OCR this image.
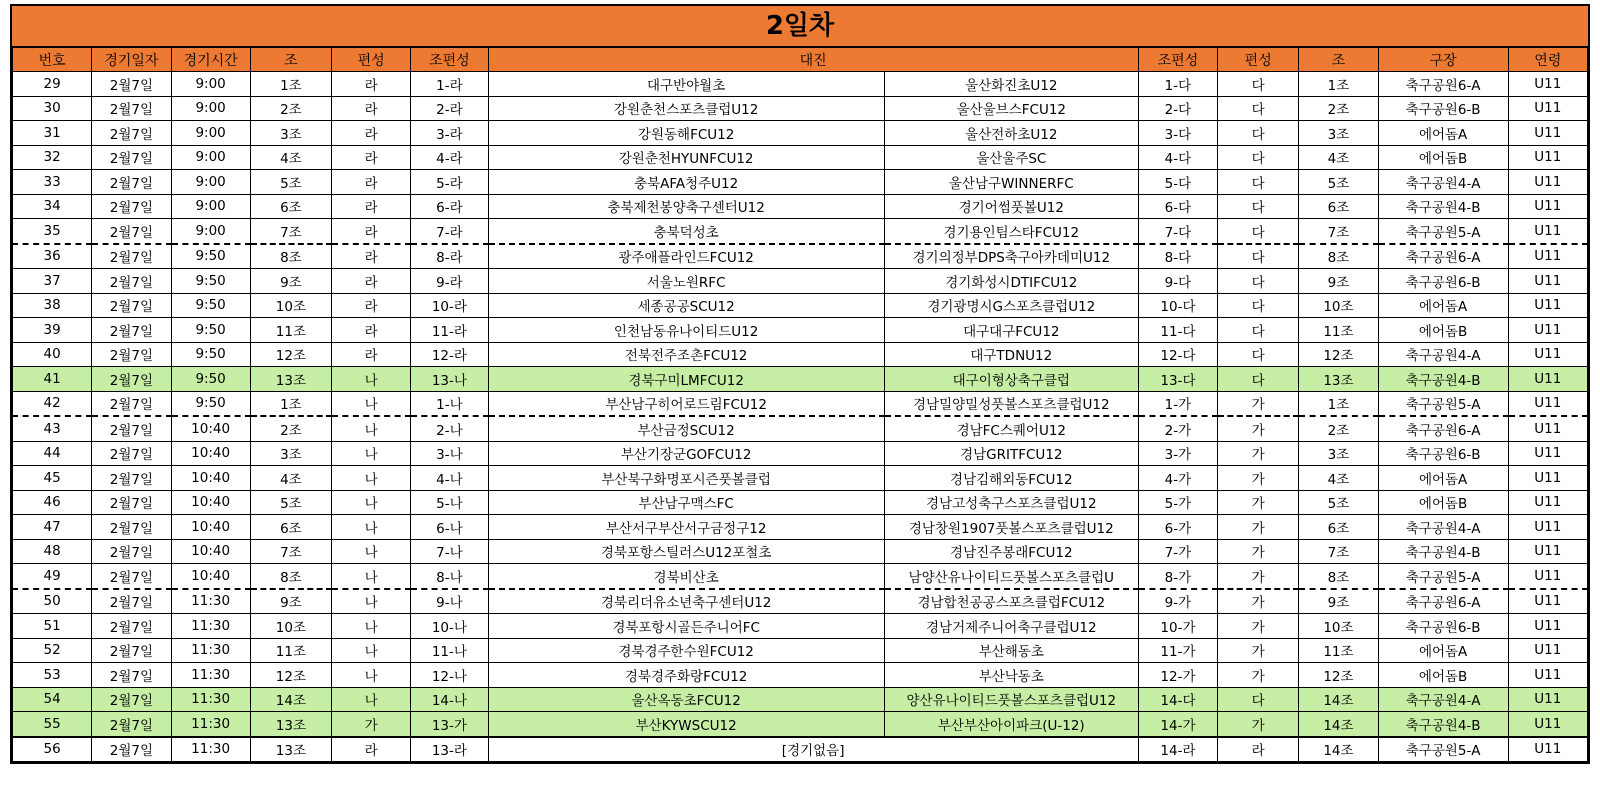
2일차
번호	경기일자	경기시간	조	편성	조편성	대진		조편성	편성	조	구장	연령
29	2월7일	9:00	1조	라	1-라	대구반야월초	울산화진초U12	1-다	다	1조	축구공원6-A	U11
30	2월7일	9:00	2조	라	2-라	강원춘천스포츠클럽U12	울산울브스FCU12	2-다	다	2조	축구공원6-B	U11
31	2월7일	9:00	3조	라	3-라	강원동해FCU12	울산전하초U12	3-다	다	3조	에어돔A	U11
32	2월7일	9:00	4조	라	4-라	강원춘천HYUNFCU12	울산울주SC	4-다	다	4조	에어돔B	U11
33	2월7일	9:00	5조	라	5-라	충북AFA청주U12	울산남구WINNERFC	5-다	다	5조	축구공원4-A	U11
34	2월7일	9:00	6조	라	6-라	충북제천봉양축구센터U12	경기어썸풋볼U12	6-다	다	6조	축구공원4-B	U11
35	2월7일	9:00	7조	라	7-라	충북덕성초	경기용인팀스타FCU12	7-다	다	7조	축구공원5-A	U11
36	2월7일	9:50	8조	라	8-라	광주애플라인드FCU12	경기의정부DPS축구아카데미U12	8-다	다	8조	축구공원6-A	U11
37	2월7일	9:50	9조	라	9-라	서울노원RFC	경기화성시DTIFCU12	9-다	다	9조	축구공원6-B	U11
38	2월7일	9:50	10조	라	10-라	세종공공SCU12	경기광명시G스포츠클럽U12	10-다	다	10조	에어돔A	U11
39	2월7일	9:50	11조	라	11-라	인천남동유나이티드U12	대구대구FCU12	11-다	다	11조	에어돔B	U11
40	2월7일	9:50	12조	라	12-라	전북전주조촌FCU12	대구TDNU12	12-다	다	12조	축구공원4-A	U11
41	2월7일	9:50	13조	나	13-나	경북구미LMFCU12	대구이형상축구클럽	13-다	다	13조	축구공원4-B	U11
42	2월7일	9:50	1조	나	1-나	부산남구히어로드림FCU12	경남밀양밀성풋볼스포츠클럽U12	1-가	가	1조	축구공원5-A	U11
43	2월7일	10:40	2조	나	2-나	부산금정SCU12	경남FC스퀘어U12	2-가	가	2조	축구공원6-A	U11
44	2월7일	10:40	3조	나	3-나	부산기장군GOFCU12	경남GRITFCU12	3-가	가	3조	축구공원6-B	U11
45	2월7일	10:40	4조	나	4-나	부산북구화명포시즌풋볼클럽	경남김해외동FCU12	4-가	가	4조	에어돔A	U11
46	2월7일	10:40	5조	나	5-나	부산남구맥스FC	경남고성축구스포츠클럽U12	5-가	가	5조	에어돔B	U11
47	2월7일	10:40	6조	나	6-나	부산서구부산서구금정구12	경남창원1907풋볼스포츠클럽U12	6-가	가	6조	축구공원4-A	U11
48	2월7일	10:40	7조	나	7-나	경북포항스틸러스U12포철초	경남진주봉래FCU12	7-가	가	7조	축구공원4-B	U11
49	2월7일	10:40	8조	나	8-나	경북비산초	남양산유나이티드풋볼스포츠클럽U	8-가	가	8조	축구공원5-A	U11
50	2월7일	11:30	9조	나	9-나	경북리더유소년축구센터U12	경남합천공공스포츠클럽FCU12	9-가	가	9조	축구공원6-A	U11
51	2월7일	11:30	10조	나	10-나	경북포항시골든주니어FC	경남거제주니어축구클럽U12	10-가	가	10조	축구공원6-B	U11
52	2월7일	11:30	11조	나	11-나	경북경주한수원FCU12	부산해동초	11-가	가	11조	에어돔A	U11
53	2월7일	11:30	12조	나	12-나	경북경주화랑FCU12	부산낙동초	12-가	가	12조	에어돔B	U11
54	2월7일	11:30	14조	나	14-나	울산옥동초FCU12	양산유나이티드풋볼스포츠클럽U12	14-다	다	14조	축구공원4-A	U11
55	2월7일	11:30	13조	가	13-가	부산KYWSCU12	부산부산아이파크(U-12)	14-가	가	14조	축구공원4-B	U11
56	2월7일	11:30	13조	라	13-라	[경기없음]		14-라	라	14조	축구공원5-A	U11
